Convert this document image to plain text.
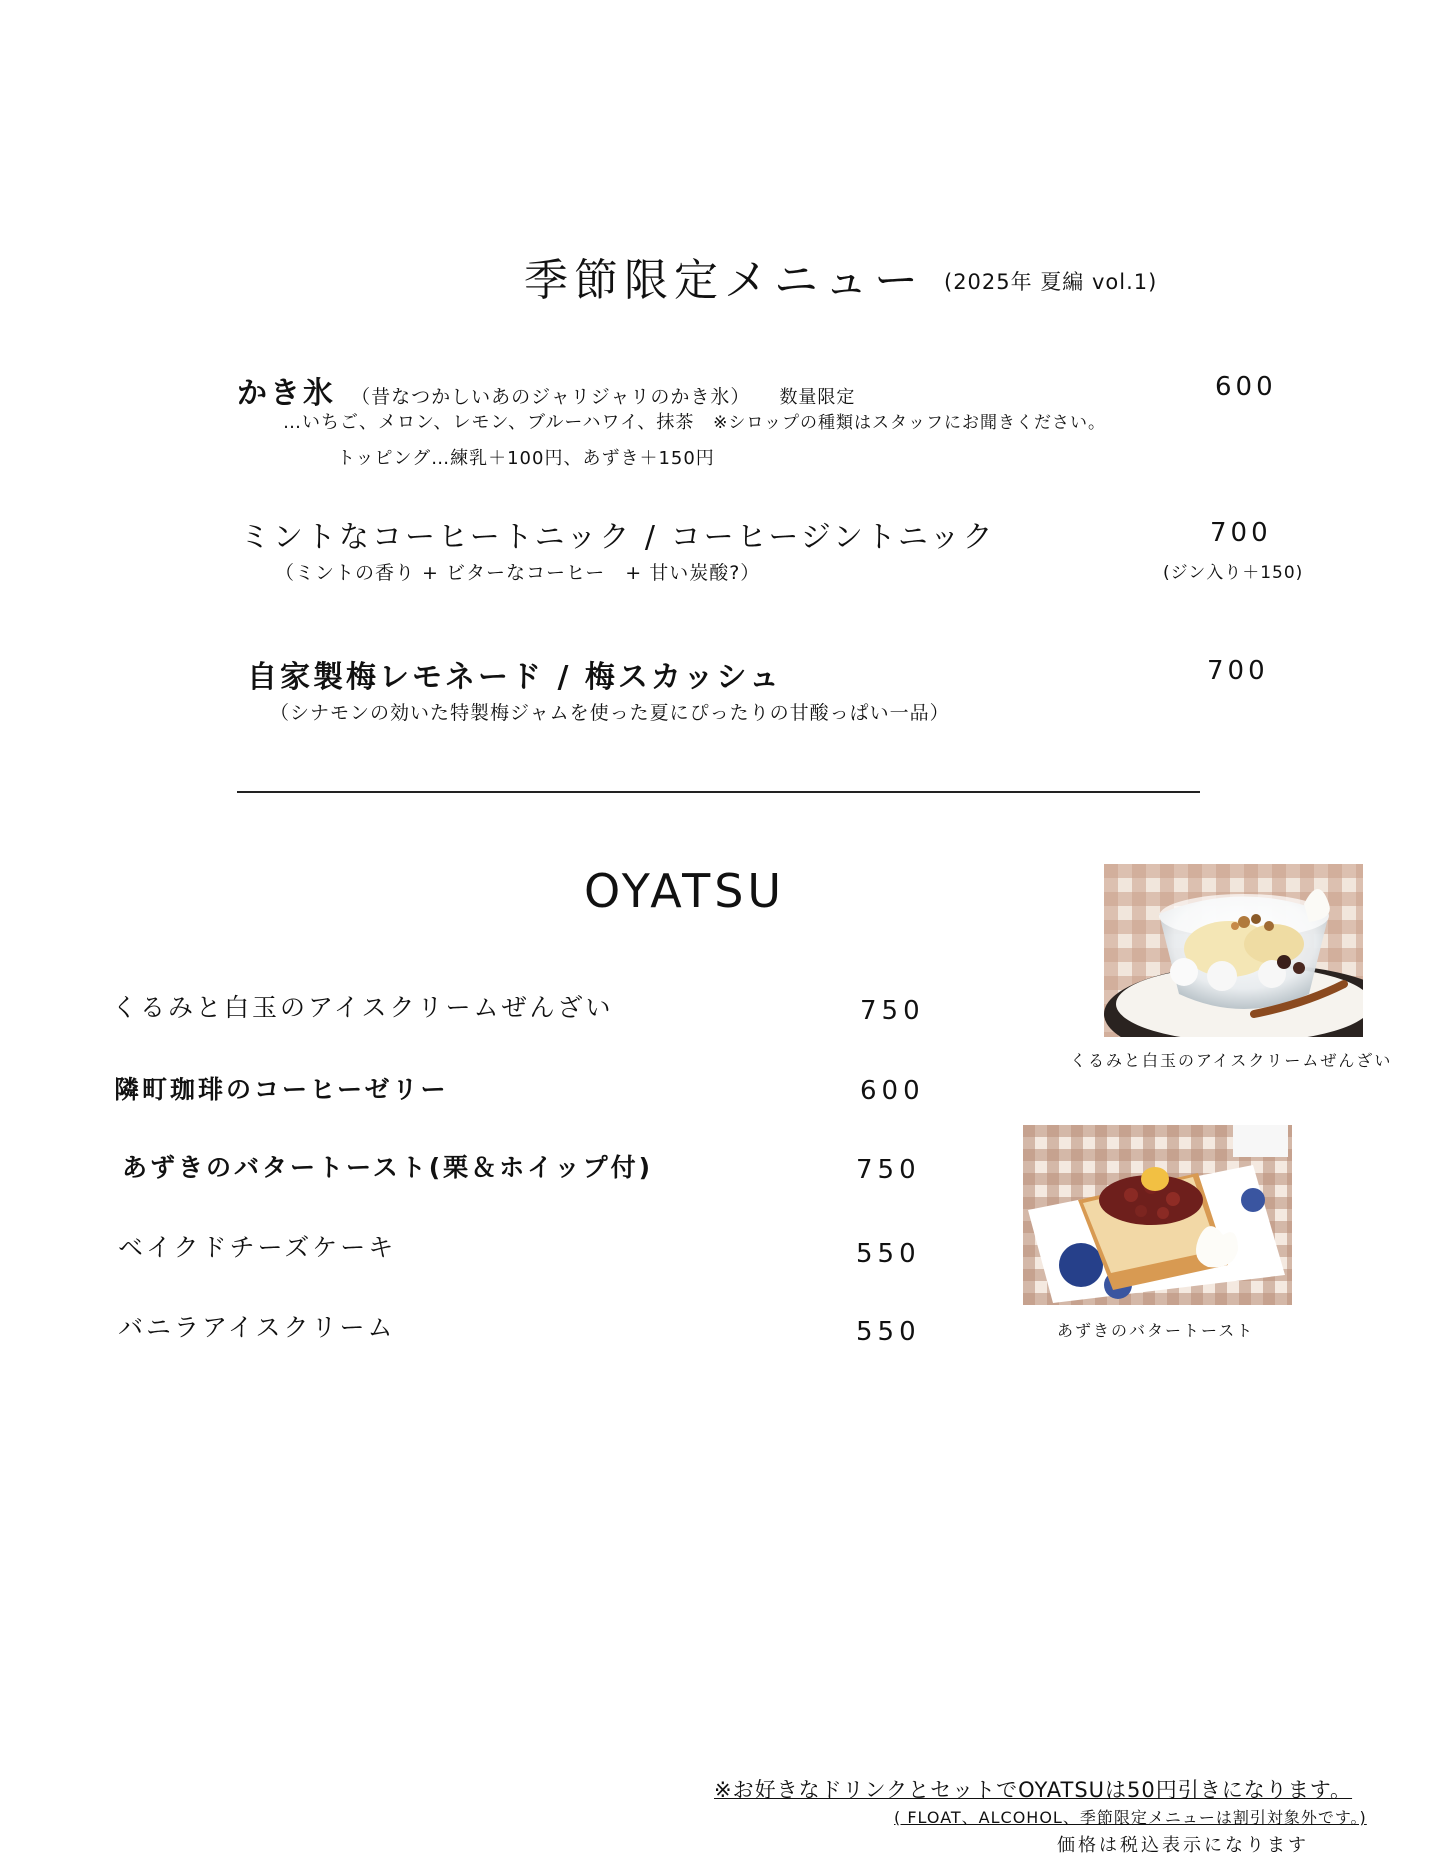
季節限定メニュー (2025年 夏編 vol.1)
かき氷 （昔なつかしいあのジャリジャリのかき氷） 数量限定	600
…いちご、メロン、レモン、ブルーハワイ、抹茶 ※シロップの種類はスタッフにお聞きください。
トッピング…練乳＋100円、あずき＋150円
ミントなコーヒートニック / コーヒージントニック	700
（ミントの香り + ビターなコーヒー　+ 甘い炭酸?）	(ジン入り＋150)
自家製梅レモネード / 梅スカッシュ	700
（シナモンの効いた特製梅ジャムを使った夏にぴったりの甘酸っぱい一品）
OYATSU
くるみと白玉のアイスクリームぜんざい	750
隣町珈琲のコーヒーゼリー	600
あずきのバタートースト(栗＆ホイップ付)	750
ベイクドチーズケーキ	550
バニラアイスクリーム	550
くるみと白玉のアイスクリームぜんざい
あずきのバタートースト
※お好きなドリンクとセットでOYATSUは50円引きになります。
( FLOAT、ALCOHOL、季節限定メニューは割引対象外です。)
価格は税込表示になります
